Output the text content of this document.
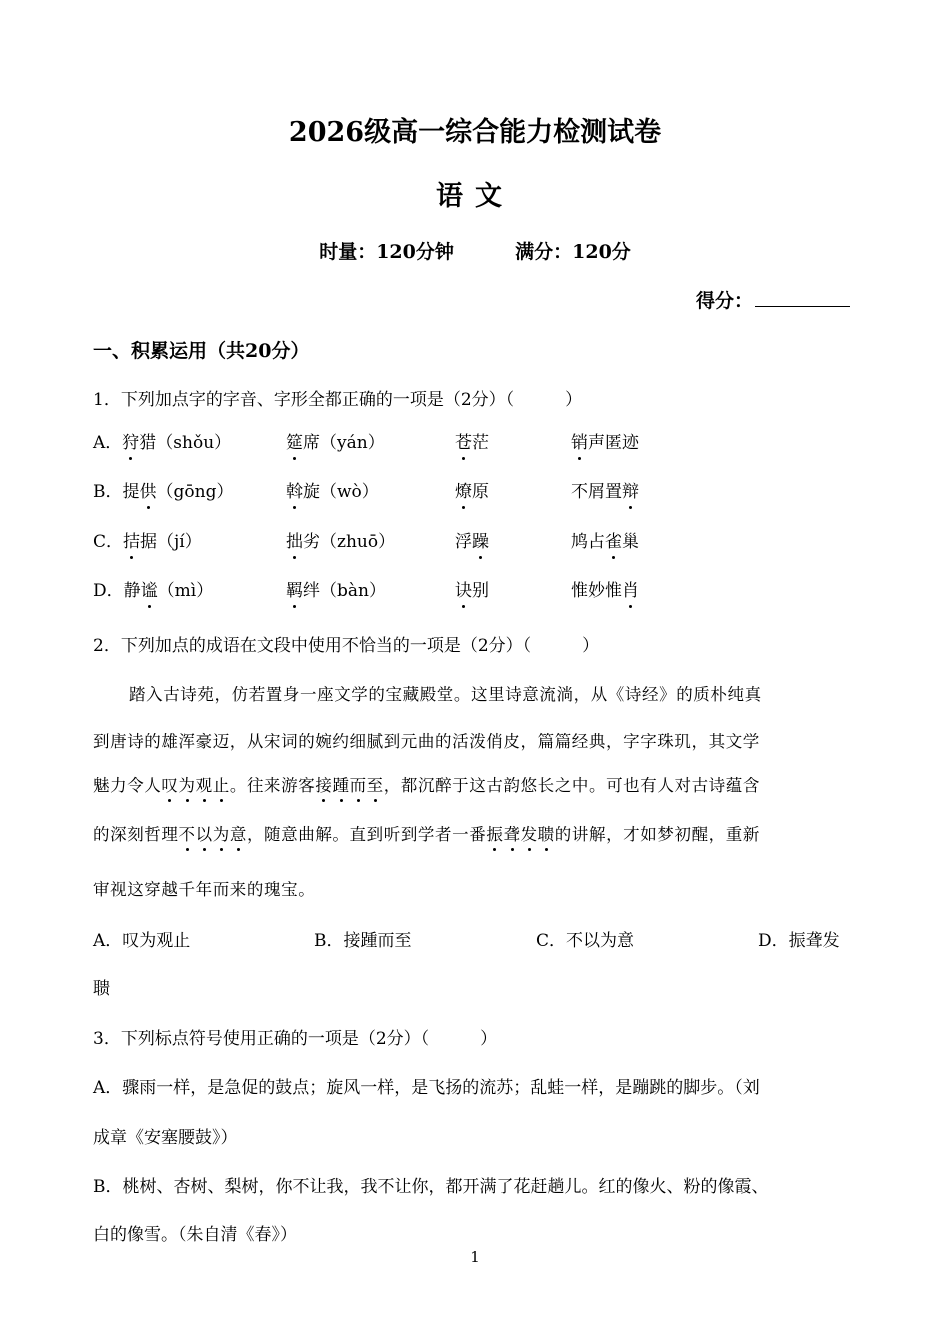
2026级高一综合能力检测试卷
语文
时量：120分钟	满分：120分
得分：
一、积累运用（共20分）
1．下列加点字的字音、字形全都正确的一项是（2分）（　　　）
A．狩猎（shǒu）	筵席（yán）	苍茫	销声匿迹
B．提供（gōng）	斡旋（wò）	燎原	不屑置辩
C．拮据（jí）	拙劣（zhuō）	浮躁	鸠占雀巢
D．静谧（mì）	羁绊（bàn）	诀别	惟妙惟肖
2．下列加点的成语在文段中使用不恰当的一项是（2分）（　　　）
踏入古诗苑，仿若置身一座文学的宝藏殿堂。这里诗意流淌，从《诗经》的质朴纯真
到唐诗的雄浑豪迈，从宋词的婉约细腻到元曲的活泼俏皮，篇篇经典，字字珠玑，其文学
魅力令人叹为观止。往来游客接踵而至，都沉醉于这古韵悠长之中。可也有人对古诗蕴含
的深刻哲理不以为意，随意曲解。直到听到学者一番振聋发聩的讲解，才如梦初醒，重新
审视这穿越千年而来的瑰宝。
A．叹为观止	B．接踵而至	C．不以为意	D．振聋发
聩
3．下列标点符号使用正确的一项是（2分）（　　　）
A．骤雨一样，是急促的鼓点；旋风一样，是飞扬的流苏；乱蛙一样，是蹦跳的脚步。（刘
成章《安塞腰鼓》）
B．桃树、杏树、梨树，你不让我，我不让你，都开满了花赶趟儿。红的像火、粉的像霞、
白的像雪。（朱自清《春》）
1
